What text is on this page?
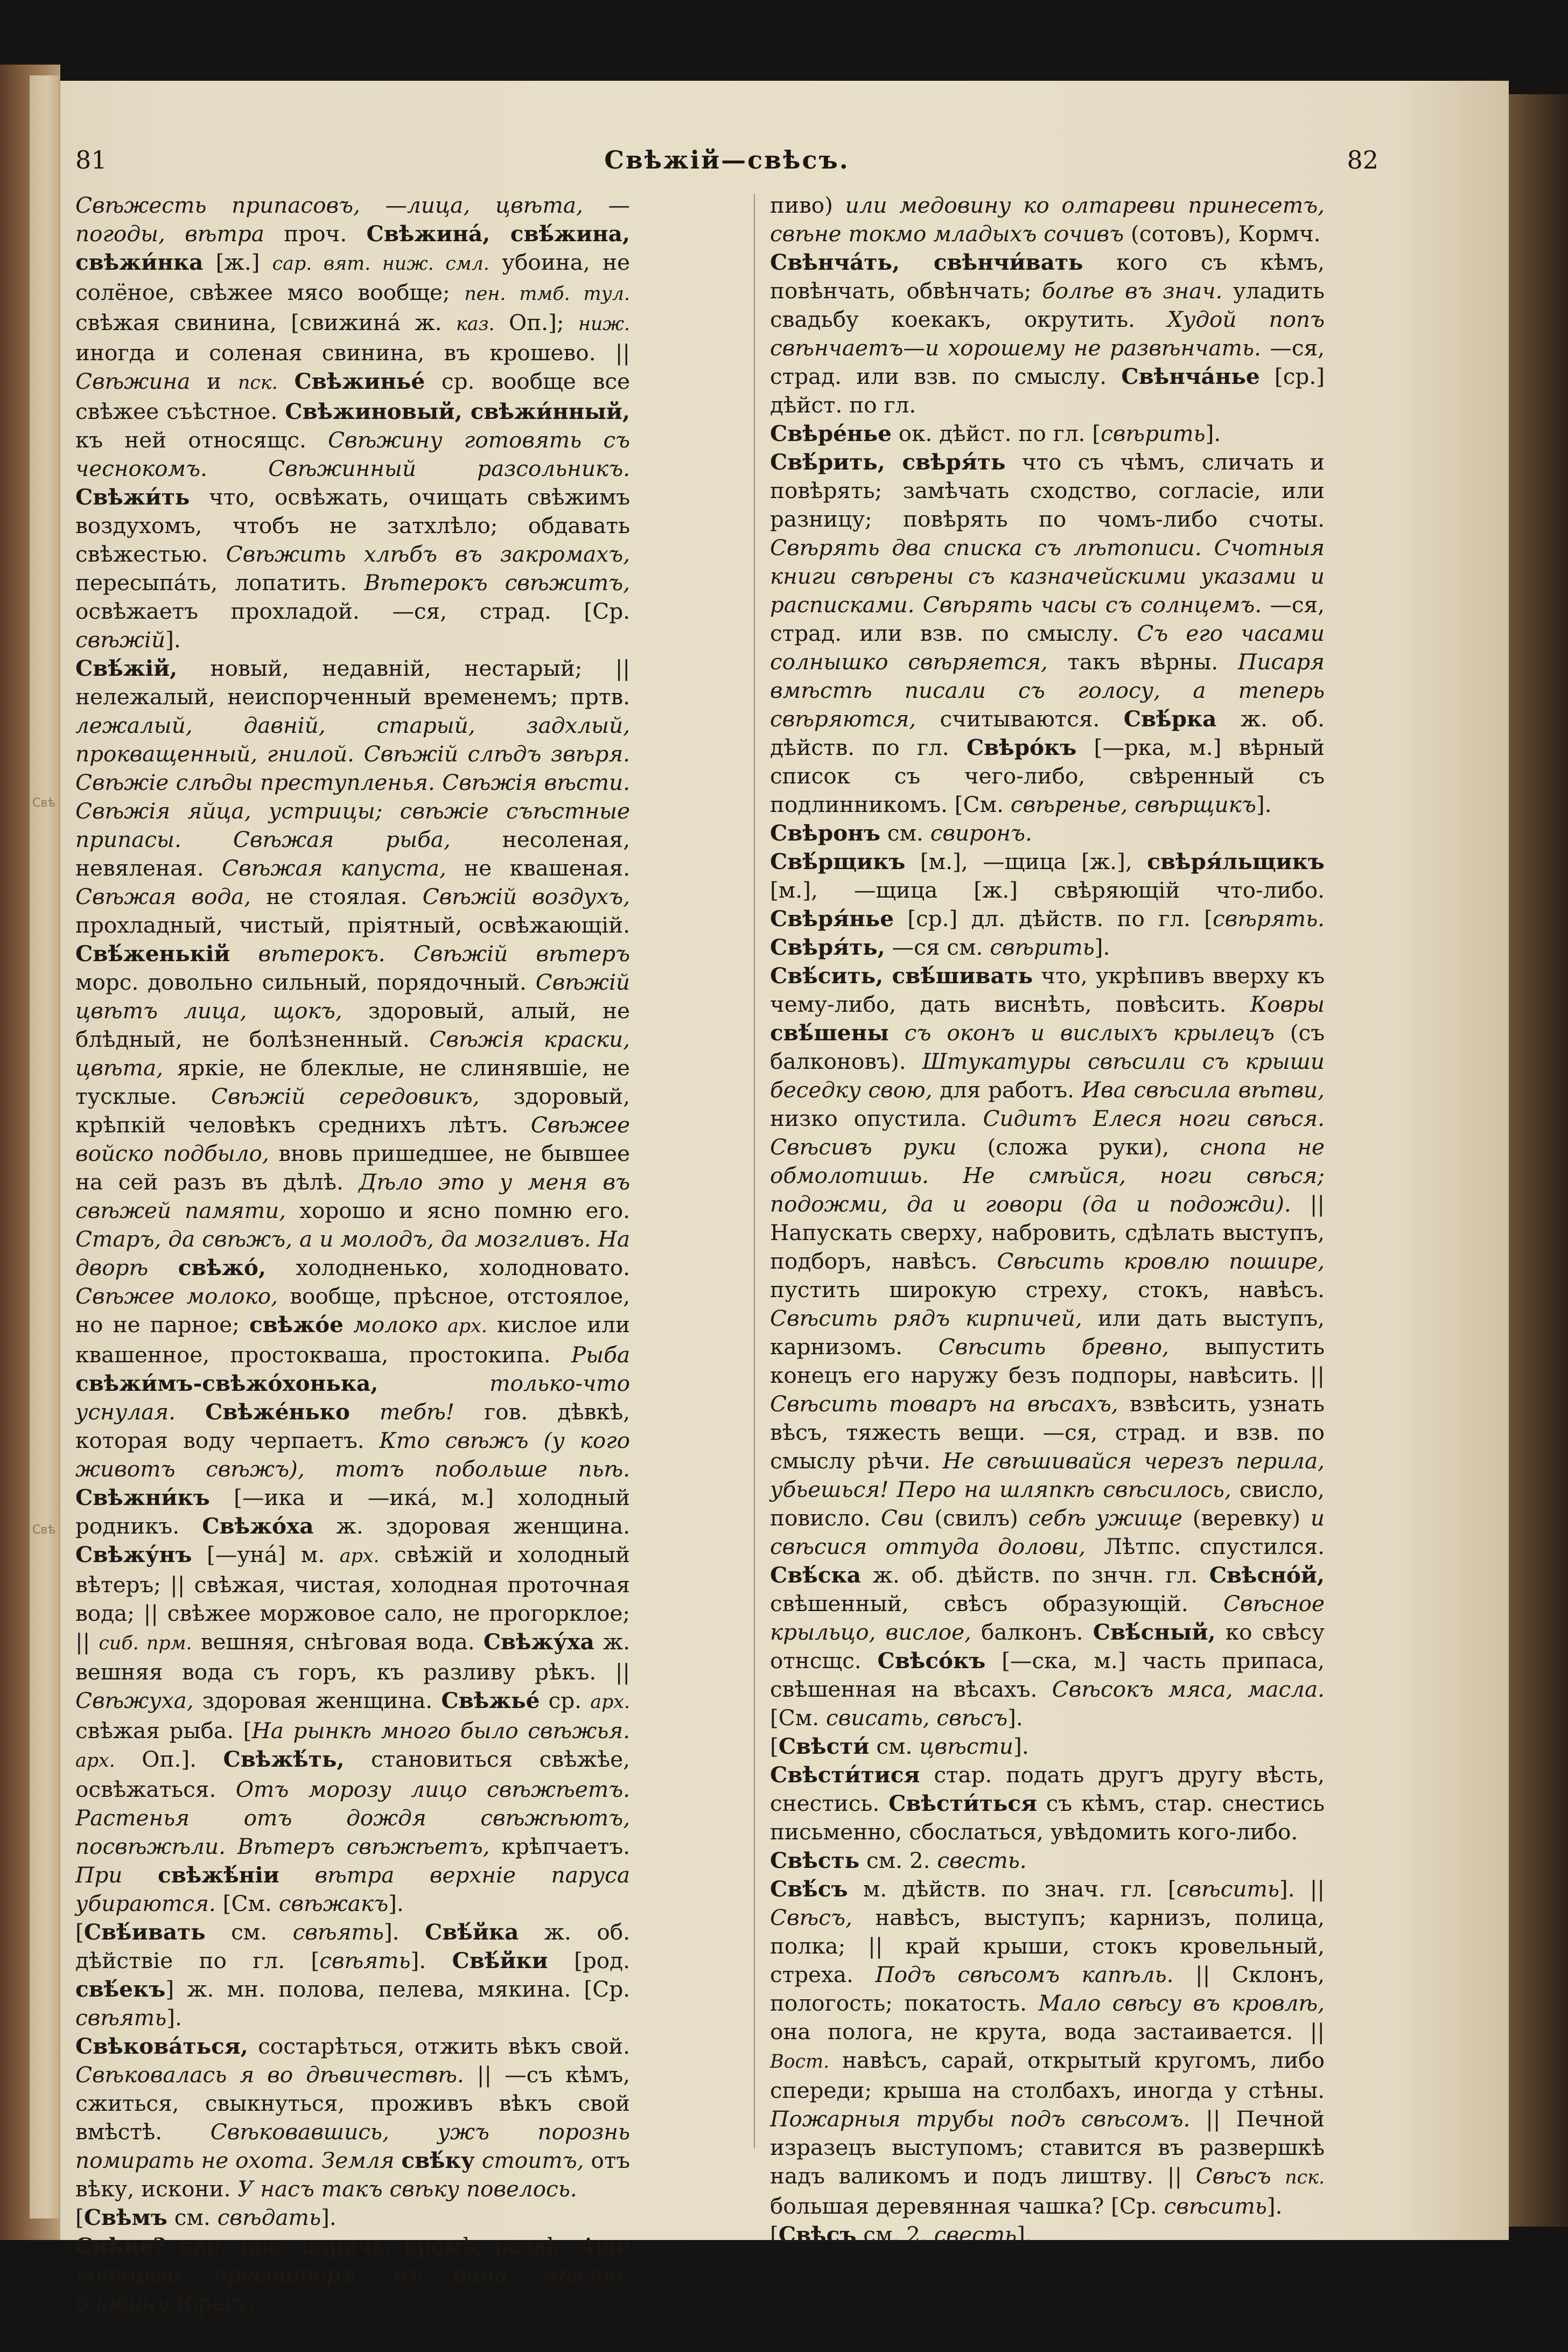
Свѣ
Свѣ
81	Свѣжій—свѣсъ.	82

Свѣжесть припасовъ, —лица, цвѣта, —погоды, вѣтра проч. Свѣжина́, свѣ́жина, свѣжи́нка [ж.] сар. вят. ниж. смл. убоина, не солёное, свѣжее мясо вообще; пен. тмб. тул. свѣжая свинина, [свижина́ ж. каз. Оп.]; ниж. иногда и соленая свинина, въ крошево. || Свѣжина и пск. Свѣжинье́ ср. вообще все свѣжее съѣстное. Свѣжиновый, свѣжи́нный, къ ней относящс. Свѣжину готовять съ чеснокомъ. Свѣжинный разсольникъ. Свѣжи́ть что, освѣжать, очищать свѣжимъ воздухомъ, чтобъ не затхлѣло; обдавать свѣжестью. Свѣжить хлѣбъ въ закромахъ, пересыпа́ть, лопатить. Вѣтерокъ свѣжитъ, освѣжаетъ прохладой. —ся, страд. [Ср. свѣжій].

Свѣ́жій, новый, недавній, нестарый; || нележалый, неиспорченный временемъ; пртв. лежалый, давній, старый, задхлый, прокващенный, гнилой. Свѣжій слѣдъ звѣря. Свѣжіе слѣды преступленья. Свѣжія вѣсти. Свѣжія яйца, устрицы; свѣжіе съѣстные припасы. Свѣжая рыба, несоленая, невяленая. Свѣжая капуста, не квашеная. Свѣжая вода, не стоялая. Свѣжій воздухъ, прохладный, чистый, пріятный, освѣжающій. Свѣ́женькій вѣтерокъ. Свѣжій вѣтеръ морс. довольно сильный, порядочный. Свѣжій цвѣтъ лица, щокъ, здоровый, алый, не блѣдный, не болѣзненный. Свѣжія краски, цвѣта, яркіе, не блеклые, не слинявшіе, не тусклые. Свѣжій середовикъ, здоровый, крѣпкій человѣкъ среднихъ лѣтъ. Свѣжее войско подбыло, вновь пришедшее, не бывшее на сей разъ въ дѣлѣ. Дѣло это у меня въ свѣжей памяти, хорошо и ясно помню его. Старъ, да свѣжъ, а и молодъ, да мозгливъ. На дворѣ свѣжо́, холодненько, холодновато. Свѣжее молоко, вообще, прѣсное, отстоялое, но не парное; свѣжо́е молоко арх. кислое или квашенное, простокваша, простокипа. Рыба свѣжи́мъ-свѣжо́хонька,	только-что уснулая. Свѣже́нько тебѣ! гов. дѣвкѣ, которая воду черпаетъ. Кто свѣжъ (у кого животъ свѣжъ), тотъ побольше пьѣ. Свѣжни́къ [—ика и —ика́, м.] холодный родникъ. Свѣжо́ха ж. здоровая женщина. Свѣжу́нъ [—уна́] м. арх. свѣжій и холодный вѣтеръ; || свѣжая, чистая, холодная проточная вода; || свѣжее моржовое сало, не прогорклое; || сиб. прм. вешняя, снѣговая вода. Свѣжу́ха ж. вешняя вода съ горъ, къ разливу рѣкъ. || Свѣжуха, здоровая женщина. Свѣжье́ ср. арх. свѣжая рыба. [На рынкѣ много было свѣжья. арх. Оп.]. Свѣжѣ́ть, становиться свѣжѣе, освѣжаться. Отъ морозу лицо свѣжѣетъ. Растенья отъ дождя свѣжѣютъ, посвѣжѣли. Вѣтеръ свѣжѣетъ, крѣпчаетъ. При свѣжѣ́ніи вѣтра верхніе паруса убираются. [См. свѣжакъ].

[Свѣ́ивать см. свѣять]. Свѣ́йка ж. об. дѣйствіе по гл. [свѣять]. Свѣ́йки [род. свѣ́екъ] ж. мн. полова, пелева, мякина. [Ср. свѣять].

Свѣкова́ться, состарѣться, отжить вѣкъ свой. Свѣковалась я во дѣвичествѣ. || —съ кѣмъ, сжиться, свыкнуться, проживъ вѣкъ свой вмѣстѣ. Свѣковавшись, ужъ порознь помирать не охота. Земля свѣ́ку стоитъ, отъ вѣку, искони. У насъ такъ свѣку повелось.

[Свѣмъ см. свѣдать].

Свѣне? нар. црк. опричь, кромѣ, развѣ. Аще который пресвитеръ, въ вина мѣсто, оловину (брагу,

пиво) или медовину ко олтареви принесетъ, свѣне токмо младыхъ сочивъ (сотовъ), Кормч.

Свѣнча́ть, свѣнчи́вать кого съ кѣмъ, повѣнчать, обвѣнчать; болѣе въ знач. уладить свадьбу коекакъ, окрутить. Худой попъ свѣнчаетъ—и хорошему не развѣнчать. —ся, страд. или взв. по смыслу. Свѣнча́нье [ср.] дѣйст. по гл.

Свѣре́нье ок. дѣйст. по гл. [свѣрить].

Свѣ́рить, свѣря́ть что съ чѣмъ, сличать и повѣрять; замѣчать сходство, согласіе, или разницу; повѣрять по чомъ-либо счоты. Свѣрять два списка съ лѣтописи. Счотныя книги свѣрены съ казначейскими указами и расписками. Свѣрять часы съ солнцемъ. —ся, страд. или взв. по смыслу. Съ его часами солнышко свѣряется, такъ вѣрны. Писаря вмѣстѣ писали съ голосу, а теперь свѣряются, считываются. Свѣ́рка ж. об. дѣйств. по гл. Свѣро́къ [—рка, м.] вѣрный список съ чего-либо, свѣренный съ подлинникомъ. [См. свѣренье, свѣрщикъ].

Свѣронъ см. свиронъ.

Свѣ́рщикъ [м.], —щица [ж.], свѣря́льщикъ [м.], —щица [ж.] свѣряющій что-либо. Свѣря́нье [ср.] дл. дѣйств. по гл. [свѣрять. Свѣря́ть, —ся см. свѣрить].

Свѣ́сить, свѣ́шивать что, укрѣпивъ вверху къ чему-либо, дать виснѣть, повѣсить. Ковры свѣ́шены съ оконъ и вислыхъ крылецъ (съ балконовъ). Штукатуры свѣсили съ крыши беседку свою, для работъ. Ива свѣсила вѣтви, низко опустила. Сидитъ Елеся ноги свѣся. Свѣсивъ руки (сложа руки), снопа не обмолотишь. Не смѣйся, ноги свѣся; подожми, да и говори (да и подожди). || Напускать сверху, набровить, сдѣлать выступъ, подборъ, навѣсъ. Свѣсить кровлю пошире, пустить широкую стреху, стокъ, навѣсъ. Свѣсить рядъ кирпичей, или дать выступъ, карнизомъ. Свѣсить бревно, выпустить конецъ его наружу безъ подпоры, навѣсить. || Свѣсить товаръ на вѣсахъ, взвѣсить, узнать вѣсъ, тяжесть вещи. —ся, страд. и взв. по смыслу рѣчи. Не свѣшивайся черезъ перила, убьешься! Перо на шляпкѣ свѣсилось, свисло, повисло. Сви (свилъ) себѣ ужище (веревку) и свѣсися оттуда долови, Лѣтпс. спустился. Свѣ́ска ж. об. дѣйств. по знчн. гл. Свѣсно́й, свѣшенный, свѣсъ образующій. Свѣсное крыльцо, вислое, балконъ. Свѣ́сный, ко свѣсу отнсщс. Свѣсо́къ [—ска, м.] часть припаса, свѣшенная на вѣсахъ. Свѣсокъ мяса, масла. [См. свисать, свѣсъ].

[Свѣсти́ см. цвѣсти].

Свѣсти́тися стар. подать другъ другу вѣсть, снестись. Свѣсти́ться съ кѣмъ, стар. снестись письменно, сбослаться, увѣдомить кого-либо.

Свѣсть см. 2. свесть.

Свѣ́съ м. дѣйств. по знач. гл. [свѣсить]. || Свѣсъ, навѣсъ, выступъ; карнизъ, полица, полка; || край крыши, стокъ кровельный, стреха. Подъ свѣсомъ капѣль. || Склонъ, пологость; покатость. Мало свѣсу въ кровлѣ, она полога, не крута, вода застаивается. || Вост. навѣсъ, сарай, открытый кругомъ, либо спереди; крыша на столбахъ, иногда у стѣны. Пожарныя трубы подъ свѣсомъ. || Печной изразецъ выступомъ; ставится въ развершкѣ надъ валикомъ и подъ лиштву. || Свѣсъ пск. большая деревянная чашка? [Ср. свѣсить].

[Свѣсъ см. 2. свесть].
